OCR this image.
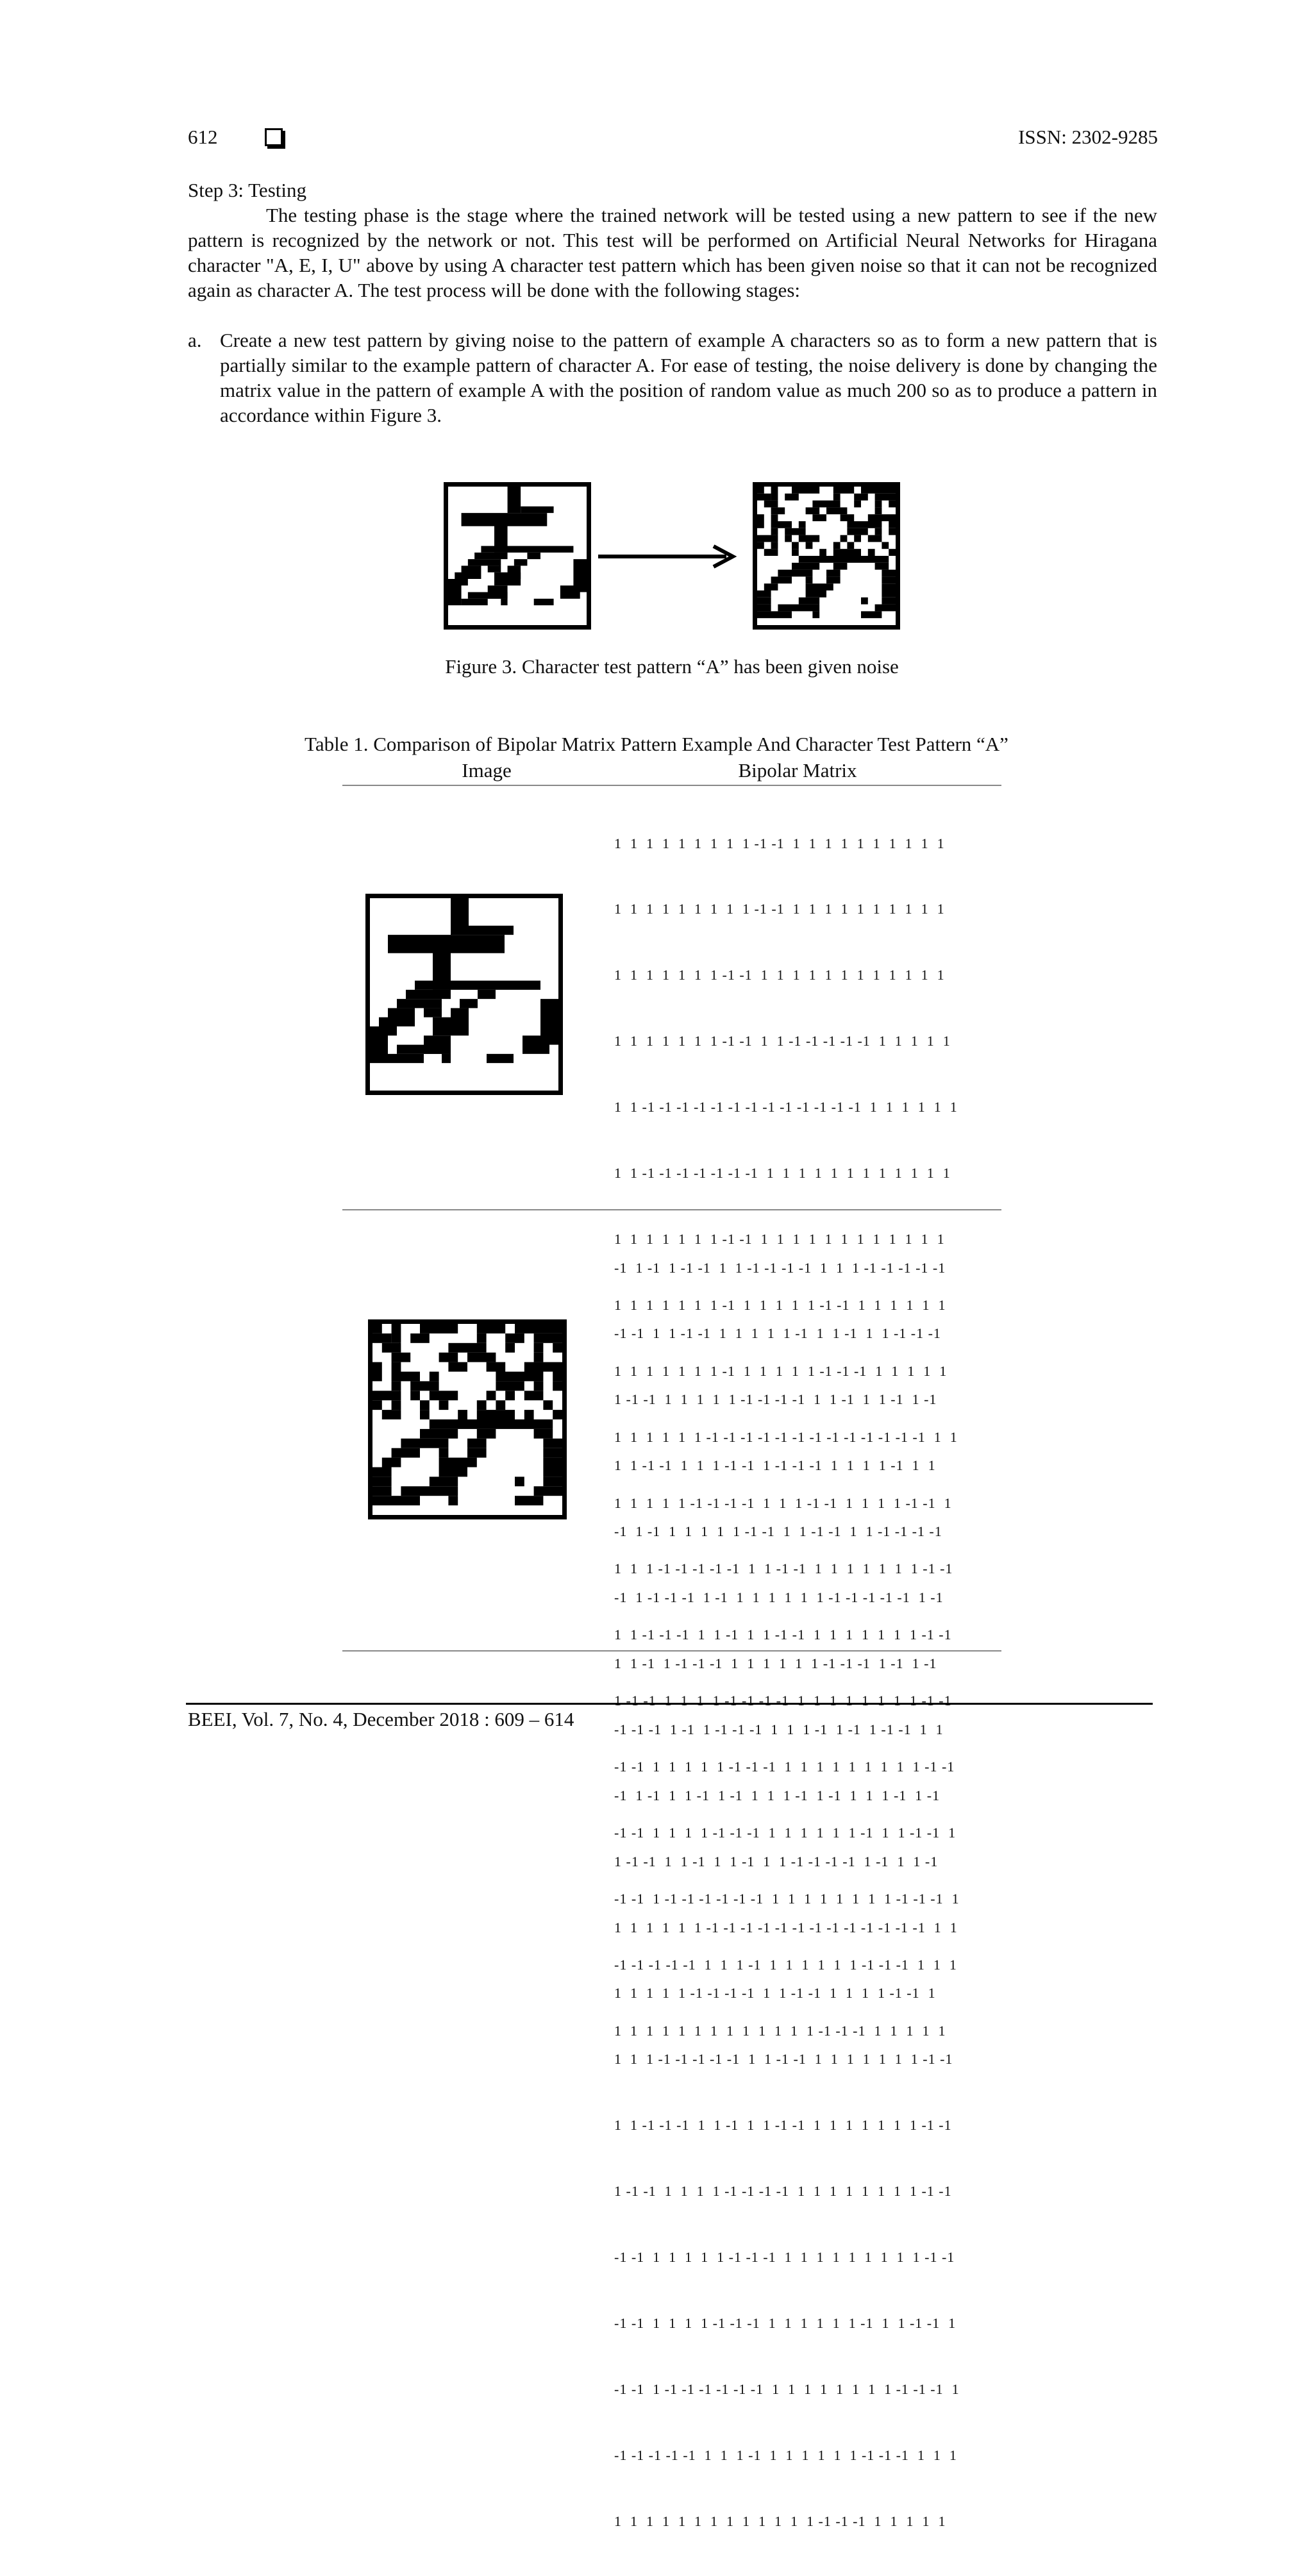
612	ISSN: 2302-9285
Step 3: Testing
The testing phase is the stage where the trained network will be tested using a new pattern to see if the new pattern is recognized by the network or not. This test will be performed on Artificial Neural Networks for Hiragana character "A, E, I, U" above by using A character test pattern which has been given noise so that it can not be recognized again as character A. The test process will be done with the following stages:
a. Create a new test pattern by giving noise to the pattern of example A characters so as to form a new pattern that is partially similar to the example pattern of character A. For ease of testing, the noise delivery is done by changing the matrix value in the pattern of example A with the position of random value as much 200 so as to produce a pattern in accordance within Figure 3.
Figure 3. Character test pattern “A” has been given noise
Table 1. Comparison of Bipolar Matrix Pattern Example And Character Test Pattern “A”
Image	Bipolar Matrix

1  1  1  1  1  1  1  1  1 -1 -1  1  1  1  1  1  1  1  1  1  1

1  1  1  1  1  1  1  1  1 -1 -1  1  1  1  1  1  1  1  1  1  1

1  1  1  1  1  1  1 -1 -1  1  1  1  1  1  1  1  1  1  1  1  1

1  1  1  1  1  1  1 -1 -1  1  1 -1 -1 -1 -1 -1  1  1  1  1  1

1  1 -1 -1 -1 -1 -1 -1 -1 -1 -1 -1 -1 -1 -1  1  1  1  1  1  1

1  1 -1 -1 -1 -1 -1 -1 -1  1  1  1  1  1  1  1  1  1  1  1  1

1  1  1  1  1  1  1 -1 -1  1  1  1  1  1  1  1  1  1  1  1  1

1  1  1  1  1  1  1 -1  1  1  1  1  1 -1 -1  1  1  1  1  1  1

1  1  1  1  1  1  1 -1  1  1  1  1  1 -1 -1 -1  1  1  1  1  1

1  1  1  1  1  1 -1 -1 -1 -1 -1 -1 -1 -1 -1 -1 -1 -1 -1  1  1

1  1  1  1  1 -1 -1 -1 -1  1  1  1 -1 -1  1  1  1  1 -1 -1  1

1  1  1 -1 -1 -1 -1 -1  1  1 -1 -1  1  1  1  1  1  1  1 -1 -1

1  1 -1 -1 -1  1  1 -1  1  1 -1 -1  1  1  1  1  1  1  1 -1 -1

1 -1 -1  1  1  1  1 -1 -1 -1 -1  1  1  1  1  1  1  1  1 -1 -1

-1 -1  1  1  1  1  1 -1 -1 -1  1  1  1  1  1  1  1  1  1 -1 -1

-1 -1  1  1  1  1 -1 -1 -1  1  1  1  1  1  1 -1  1  1 -1 -1  1

-1 -1  1 -1 -1 -1 -1 -1 -1  1  1  1  1  1  1  1  1 -1 -1 -1  1

-1 -1 -1 -1 -1  1  1  1 -1  1  1  1  1  1  1 -1 -1 -1  1  1  1

1  1  1  1  1  1  1  1  1  1  1  1  1 -1 -1 -1  1  1  1  1  1

-1  1 -1  1 -1 -1  1  1 -1 -1 -1 -1  1  1  1 -1 -1 -1 -1 -1

-1 -1  1  1 -1 -1  1  1  1  1  1 -1  1  1 -1  1  1 -1 -1 -1

1 -1 -1  1  1  1  1  1 -1 -1 -1 -1  1  1 -1  1  1 -1  1 -1

1  1 -1 -1  1  1  1 -1 -1  1 -1 -1 -1  1  1  1  1 -1  1  1

-1  1 -1  1  1  1  1  1 -1 -1  1  1 -1 -1  1  1 -1 -1 -1 -1

-1  1 -1 -1 -1  1 -1  1  1  1  1  1  1 -1 -1 -1 -1 -1  1 -1

1  1 -1  1 -1 -1 -1  1  1  1  1  1  1 -1 -1 -1  1 -1  1 -1

-1 -1 -1  1 -1  1 -1 -1 -1  1  1  1 -1  1 -1  1 -1 -1  1  1

-1  1 -1  1  1 -1  1 -1  1  1  1 -1  1 -1  1  1  1 -1  1 -1

1 -1 -1  1  1 -1  1  1 -1  1  1 -1 -1 -1 -1  1 -1  1  1 -1

1  1  1  1  1  1 -1 -1 -1 -1 -1 -1 -1 -1 -1 -1 -1 -1 -1  1  1

1  1  1  1  1 -1 -1 -1 -1  1  1 -1 -1  1  1  1  1 -1 -1  1

1  1  1 -1 -1 -1 -1 -1  1  1 -1 -1  1  1  1  1  1  1  1 -1 -1

1  1 -1 -1 -1  1  1 -1  1  1 -1 -1  1  1  1  1  1  1  1 -1 -1

1 -1 -1  1  1  1  1 -1 -1 -1 -1  1  1  1  1  1  1  1  1 -1 -1

-1 -1  1  1  1  1  1 -1 -1 -1  1  1  1  1  1  1  1  1  1 -1 -1

-1 -1  1  1  1  1 -1 -1 -1  1  1  1  1  1  1 -1  1  1 -1 -1  1

-1 -1  1 -1 -1 -1 -1 -1 -1  1  1  1  1  1  1  1  1 -1 -1 -1  1

-1 -1 -1 -1 -1  1  1  1 -1  1  1  1  1  1  1 -1 -1 -1  1  1  1

1  1  1  1  1  1  1  1  1  1  1  1  1 -1 -1 -1  1  1  1  1  1

BEEI, Vol. 7, No. 4, December 2018 : 609 – 614
